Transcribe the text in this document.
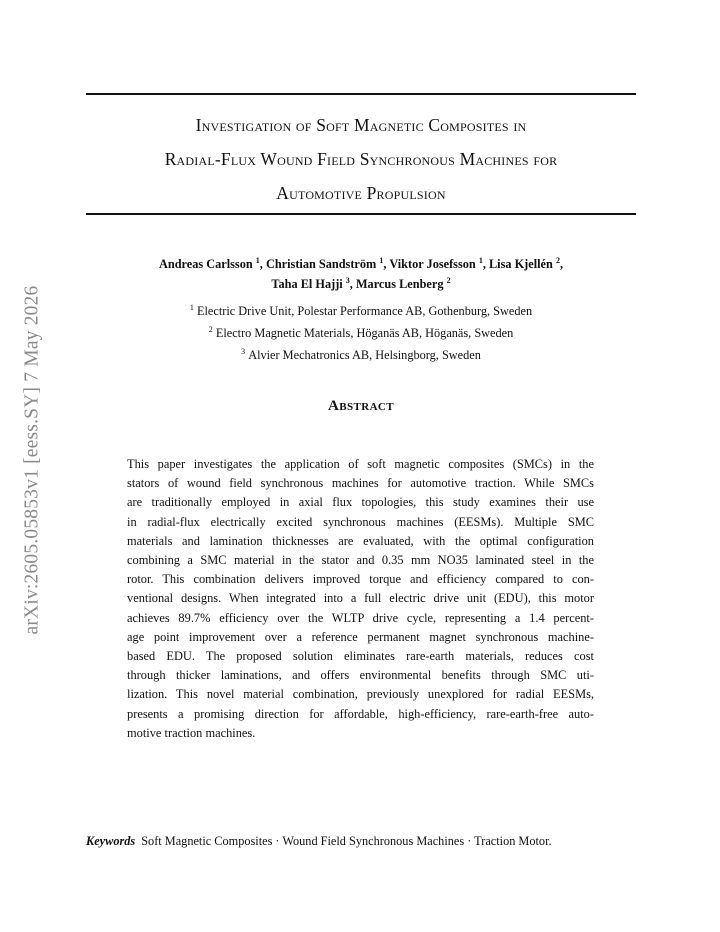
arXiv:2605.05853v1 [eess.SY] 7 May 2026
Investigation of Soft Magnetic Composites in
Radial-Flux Wound Field Synchronous Machines for
Automotive Propulsion
Andreas Carlsson $^1$, Christian Sandström $^1$, Viktor Josefsson $^1$, Lisa Kjellén $^2$,
Taha El Hajji $^3$, Marcus Lenberg $^2$
$^1$ Electric Drive Unit, Polestar Performance AB, Gothenburg, Sweden
$^2$ Electro Magnetic Materials, Höganäs AB, Höganäs, Sweden
$^3$ Alvier Mechatronics AB, Helsingborg, Sweden
Abstract
This paper investigates the application of soft magnetic composites (SMCs) in the
stators of wound field synchronous machines for automotive traction. While SMCs
are traditionally employed in axial flux topologies, this study examines their use
in radial-flux electrically excited synchronous machines (EESMs). Multiple SMC
materials and lamination thicknesses are evaluated, with the optimal configuration
combining a SMC material in the stator and 0.35 mm NO35 laminated steel in the
rotor. This combination delivers improved torque and efficiency compared to con-
ventional designs. When integrated into a full electric drive unit (EDU), this motor
achieves 89.7% efficiency over the WLTP drive cycle, representing a 1.4 percent-
age point improvement over a reference permanent magnet synchronous machine-
based EDU. The proposed solution eliminates rare-earth materials, reduces cost
through thicker laminations, and offers environmental benefits through SMC uti-
lization. This novel material combination, previously unexplored for radial EESMs,
presents a promising direction for affordable, high-efficiency, rare-earth-free auto-
motive traction machines.
Keywords Soft Magnetic Composites · Wound Field Synchronous Machines · Traction Motor.
